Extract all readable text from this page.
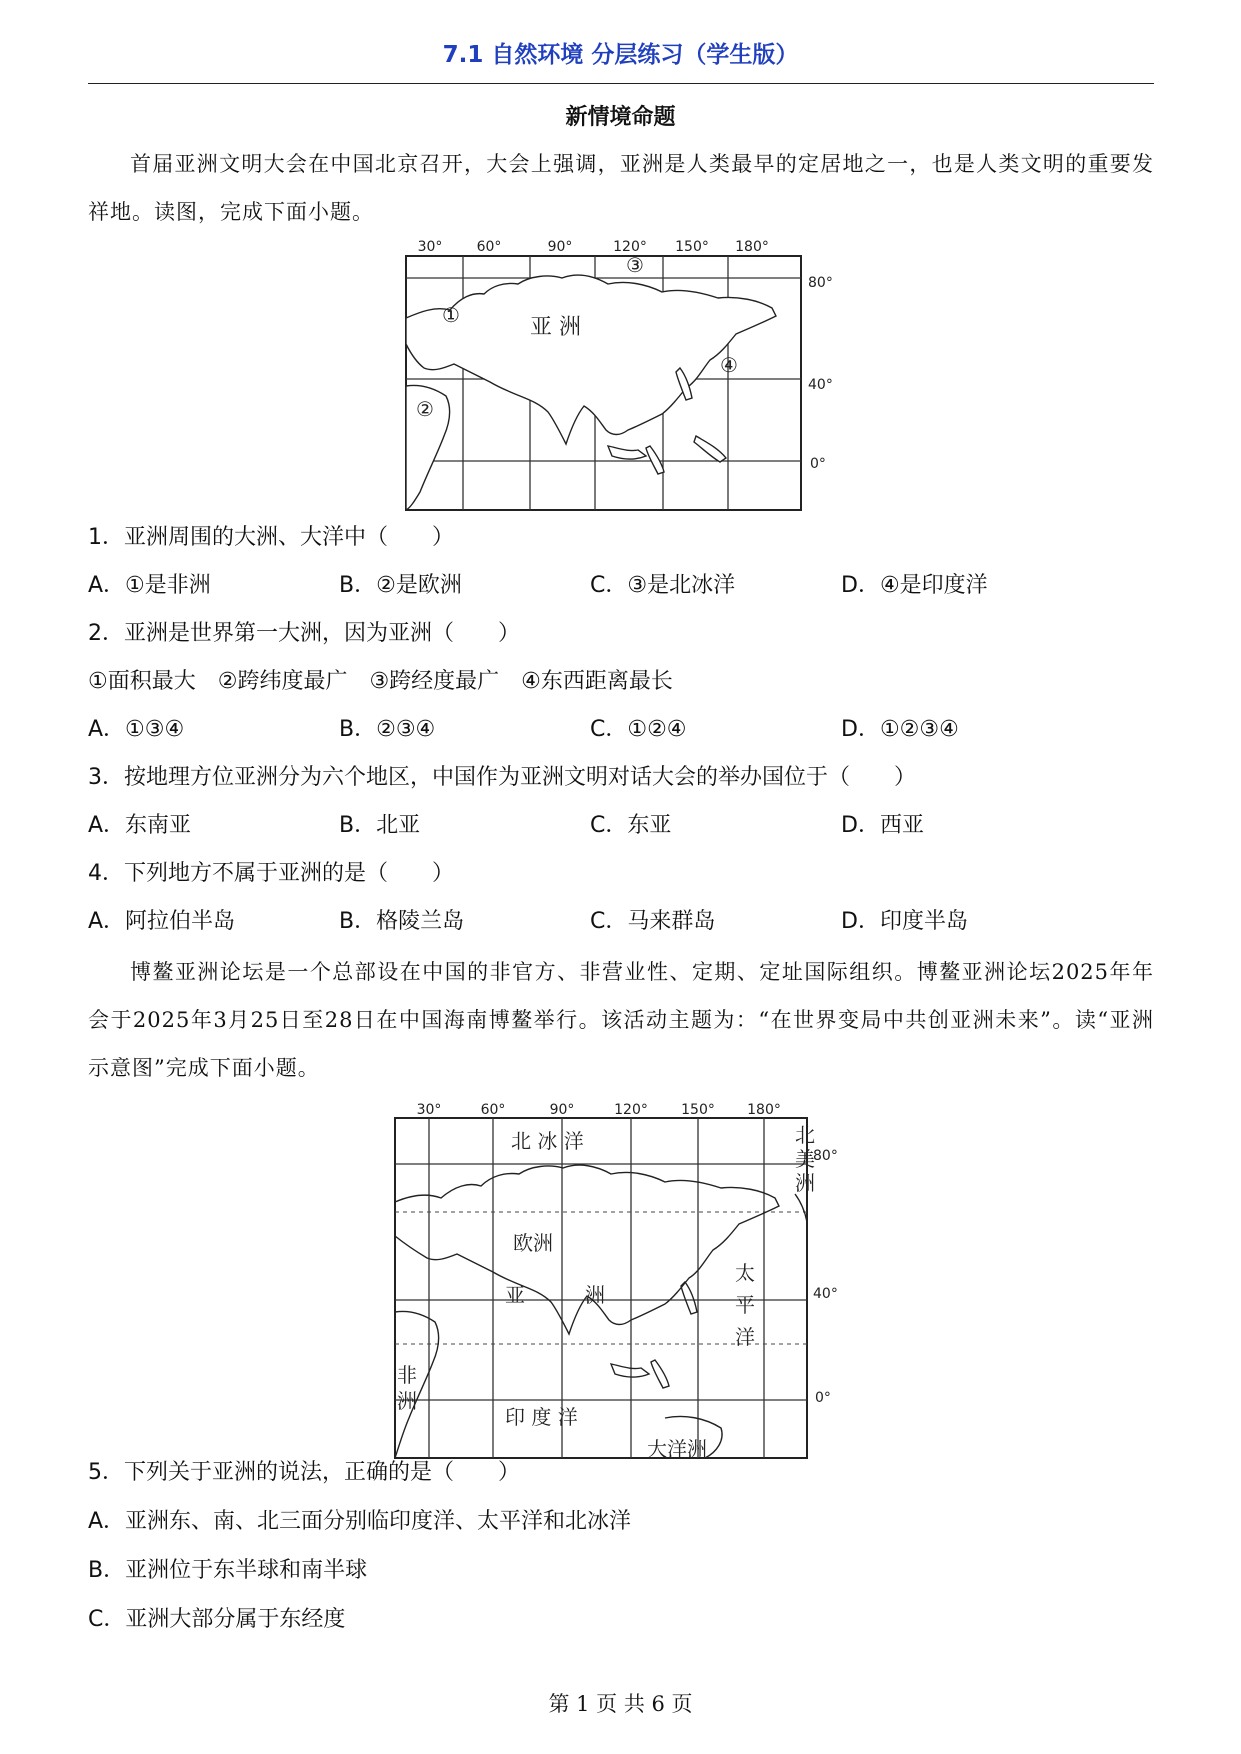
7.1 自然环境 分层练习（学生版）
新情境命题
首届亚洲文明大会在中国北京召开，大会上强调，亚洲是人类最早的定居地之一，也是人类文明的重要发祥地。读图，完成下面小题。
30° 60°	90°	120° 150° 180°
80°
40°
0°
①
②
③
④
亚 洲
1．亚洲周围的大洲、大洋中（　　）
A．①是非洲	B．②是欧洲	C．③是北冰洋	D．④是印度洋
2．亚洲是世界第一大洲，因为亚洲（　　）
①面积最大　②跨纬度最广　③跨经度最广　④东西距离最长
A．①③④	B．②③④	C．①②④	D．①②③④
3．按地理方位亚洲分为六个地区，中国作为亚洲文明对话大会的举办国位于（　　）
A．东南亚	B．北亚	C．东亚	D．西亚
4．下列地方不属于亚洲的是（　　）
A．阿拉伯半岛	B．格陵兰岛	C．马来群岛	D．印度半岛
博鳌亚洲论坛是一个总部设在中国的非官方、非营业性、定期、定址国际组织。博鳌亚洲论坛2025年年会于2025年3月25日至28日在中国海南博鳌举行。该活动主题为：“在世界变局中共创亚洲未来”。读“亚洲示意图”完成下面小题。
30°	60°	90°	120° 150° 180°
80°
40°
0°
北 冰 洋
欧洲
亚　　　洲
印 度 洋
大洋洲
北美洲
太平洋
非洲
5．下列关于亚洲的说法，正确的是（　　）
A．亚洲东、南、北三面分别临印度洋、太平洋和北冰洋
B．亚洲位于东半球和南半球
C．亚洲大部分属于东经度
第 1 页 共 6 页
